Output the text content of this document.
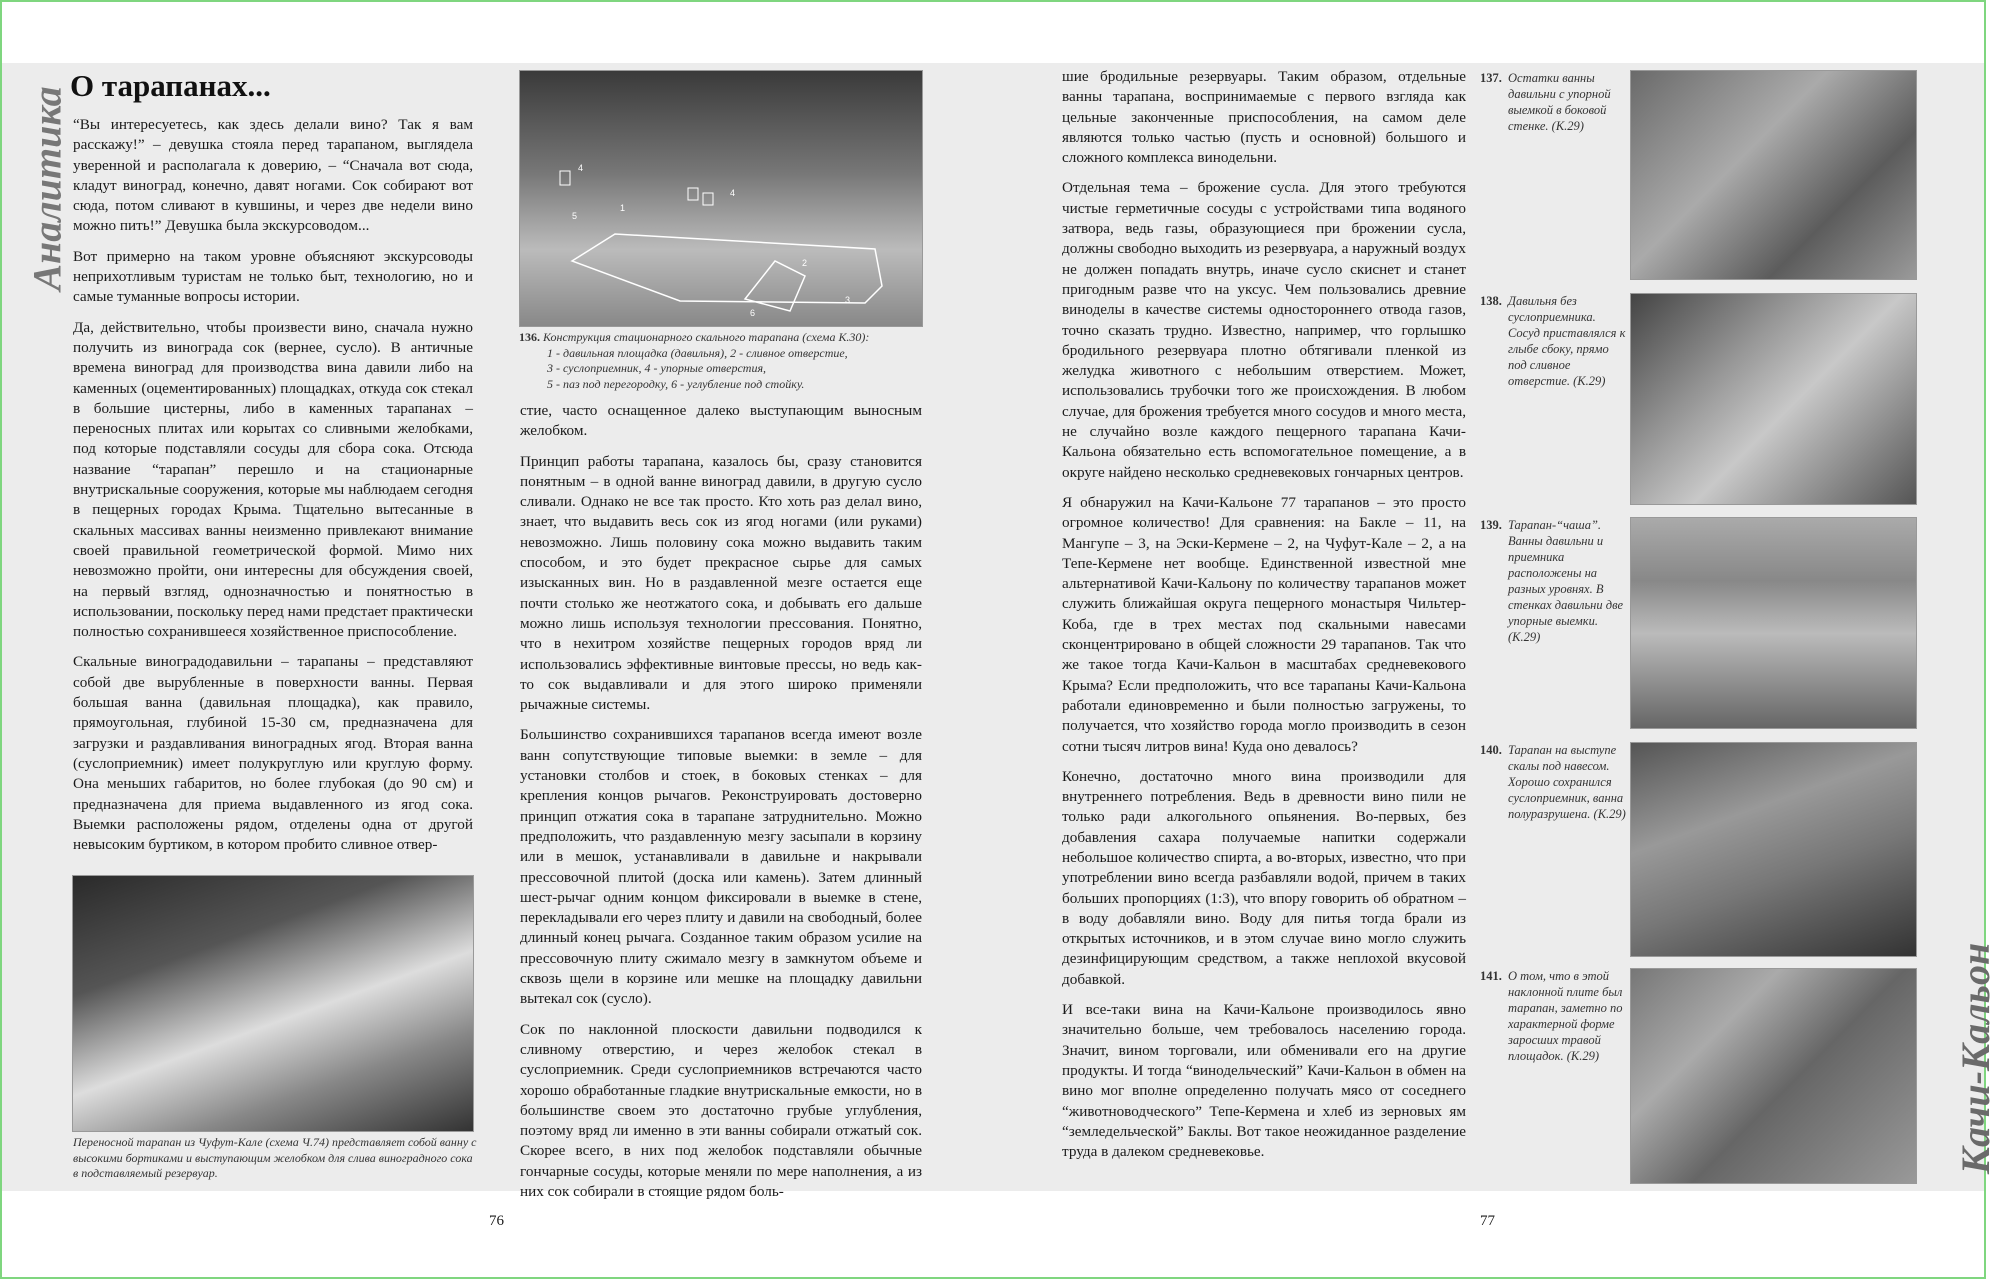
Аналитика
О тарапанах...

“Вы интересуетесь, как здесь делали вино? Так я вам расскажу!” – девушка стояла перед тарапаном, выглядела уверенной и располагала к доверию, – “Сначала вот сюда, кладут виноград, конечно, давят ногами. Сок собирают вот сюда, потом сливают в кувшины, и через две недели вино можно пить!” Девушка была экскурсоводом...

Вот примерно на таком уровне объясняют экскурсоводы неприхотливым туристам не только быт, технологию, но и самые туманные вопросы истории.

Да, действительно, чтобы произвести вино, сначала нужно получить из винограда сок (вернее, сусло). В античные времена виноград для производства вина давили либо на каменных (оцементированных) площадках, откуда сок стекал в большие цистерны, либо в каменных тарапанах – переносных плитах или корытах со сливными желобками, под которые подставляли сосуды для сбора сока. Отсюда название “тарапан” перешло и на стационарные внутрискальные сооружения, которые мы наблюдаем сегодня в пещерных городах Крыма. Тщательно вытесанные в скальных массивах ванны неизменно привлекают внимание своей правильной геометрической формой. Мимо них невозможно пройти, они интересны для обсуждения своей, на первый взгляд, однозначностью и понятностью в использовании, поскольку перед нами предстает практически полностью сохранившееся хозяйственное приспособление.

Скальные виноградодавильни – тарапаны – представляют собой две вырубленные в поверхности ванны. Первая большая ванна (давильная площадка), как правило, прямоугольная, глубиной 15-30 см, предназначена для загрузки и раздавливания виноградных ягод. Вторая ванна (суслоприемник) имеет полукруглую или круглую форму. Она меньших габаритов, но более глубокая (до 90 см) и предназначена для приема выдавленного из ягод сока. Выемки расположены рядом, отделены одна от другой невысоким буртиком, в котором пробито сливное отвер-

Переносной тарапан из Чуфут-Кале (схема Ч.74) представляет собой ванну с высокими бортиками и выступающим желобком для слива виноградного сока в подставляемый резервуар.
1
2
3
4
4
5
6
136. Конструкция стационарного скального тарапана (схема К.30):
1 - давильная площадка (давильня), 2 - сливное отверстие,
3 - суслоприемник, 4 - упорные отверстия,
5 - паз под перегородку, 6 - углубление под стойку.

стие, часто оснащенное далеко выступающим выносным желобком.

Принцип работы тарапана, казалось бы, сразу становится понятным – в одной ванне виноград давили, в другую сусло сливали. Однако не все так просто. Кто хоть раз делал вино, знает, что выдавить весь сок из ягод ногами (или руками) невозможно. Лишь половину сока можно выдавить таким способом, и это будет прекрасное сырье для самых изысканных вин. Но в раздавленной мезге остается еще почти столько же неотжатого сока, и добывать его дальше можно лишь используя технологии прессования. Понятно, что в нехитром хозяйстве пещерных городов вряд ли использовались эффективные винтовые прессы, но ведь как-то сок выдавливали и для этого широко применяли рычажные системы.

Большинство сохранившихся тарапанов всегда имеют возле ванн сопутствующие типовые выемки: в земле – для установки столбов и стоек, в боковых стенках – для крепления концов рычагов. Реконструировать достоверно принцип отжатия сока в тарапане затруднительно. Можно предположить, что раздавленную мезгу засыпали в корзину или в мешок, устанавливали в давильне и накрывали прессовочной плитой (доска или камень). Затем длинный шест-рычаг одним концом фиксировали в выемке в стене, перекладывали его через плиту и давили на свободный, более длинный конец рычага. Созданное таким образом усилие на прессовочную плиту сжимало мезгу в замкнутом объеме и сквозь щели в корзине или мешке на площадку давильни вытекал сок (сусло).

Сок по наклонной плоскости давильни подводился к сливному отверстию, и через желобок стекал в суслоприемник. Среди суслоприемников встречаются часто хорошо обработанные гладкие внутрискальные емкости, но в большинстве своем это достаточно грубые углубления, поэтому вряд ли именно в эти ванны собирали отжатый сок. Скорее всего, в них под желобок подставляли обычные гончарные сосуды, которые меняли по мере наполнения, а из них сок собирали в стоящие рядом боль-

76

шие бродильные резервуары. Таким образом, отдельные ванны тарапана, воспринимаемые с первого взгляда как цельные законченные приспособления, на самом деле являются только частью (пусть и основной) большого и сложного комплекса винодельни.

Отдельная тема – брожение сусла. Для этого требуются чистые герметичные сосуды с устройствами типа водяного затвора, ведь газы, образующиеся при брожении сусла, должны свободно выходить из резервуара, а наружный воздух не должен попадать внутрь, иначе сусло скиснет и станет пригодным разве что на уксус. Чем пользовались древние виноделы в качестве системы одностороннего отвода газов, точно сказать трудно. Известно, например, что горлышко бродильного резервуара плотно обтягивали пленкой из желудка животного с небольшим отверстием. Может, использовались трубочки того же происхождения. В любом случае, для брожения требуется много сосудов и много места, не случайно возле каждого пещерного тарапана Качи-Кальона обязательно есть вспомогательное помещение, а в округе найдено несколько средневековых гончарных центров.

Я обнаружил на Качи-Кальоне 77 тарапанов – это просто огромное количество! Для сравнения: на Бакле – 11, на Мангупе – 3, на Эски-Кермене – 2, на Чуфут-Кале – 2, а на Тепе-Кермене нет вообще. Единственной известной мне альтернативой Качи-Кальону по количеству тарапанов может служить ближайшая округа пещерного монастыря Чильтер-Коба, где в трех местах под скальными навесами сконцентрировано в общей сложности 29 тарапанов. Так что же такое тогда Качи-Кальон в масштабах средневекового Крыма? Если предположить, что все тарапаны Качи-Кальона работали единовременно и были полностью загружены, то получается, что хозяйство города могло производить в сезон сотни тысяч литров вина! Куда оно девалось?

Конечно, достаточно много вина производили для внутреннего потребления. Ведь в древности вино пили не только ради алкогольного опьянения. Во-первых, без добавления сахара получаемые напитки содержали небольшое количество спирта, а во-вторых, известно, что при употреблении вино всегда разбавляли водой, причем в таких больших пропорциях (1:3), что впору говорить об обратном – в воду добавляли вино. Воду для питья тогда брали из открытых источников, и в этом случае вино могло служить дезинфицирующим средством, а также неплохой вкусовой добавкой.

И все-таки вина на Качи-Кальоне производилось явно значительно больше, чем требовалось населению города. Значит, вином торговали, или обменивали его на другие продукты. И тогда “винодельческий” Качи-Кальон в обмен на вино мог вполне определенно получать мясо от соседнего “животноводческого” Тепе-Кермена и хлеб из зерновых ям “земледельческой” Баклы. Вот такое неожиданное разделение труда в далеком средневековье.

137. Остатки ванны давильни с упорной выемкой в боковой стенке. (К.29)
138. Давильня без суслоприемника. Сосуд приставлялся к глыбе сбоку, прямо под сливное отверстие. (К.29)
139. Тарапан-“чаша”. Ванны давильни и приемника расположены на разных уровнях. В стенках давильни две упорные выемки. (К.29)
140. Тарапан на выступе скалы под навесом. Хорошо сохранился суслоприемник, ванна полуразрушена. (К.29)
141. О том, что в этой наклонной плите был тарапан, заметно по характерной форме заросших травой площадок. (К.29)	Качи-Кальон
77
